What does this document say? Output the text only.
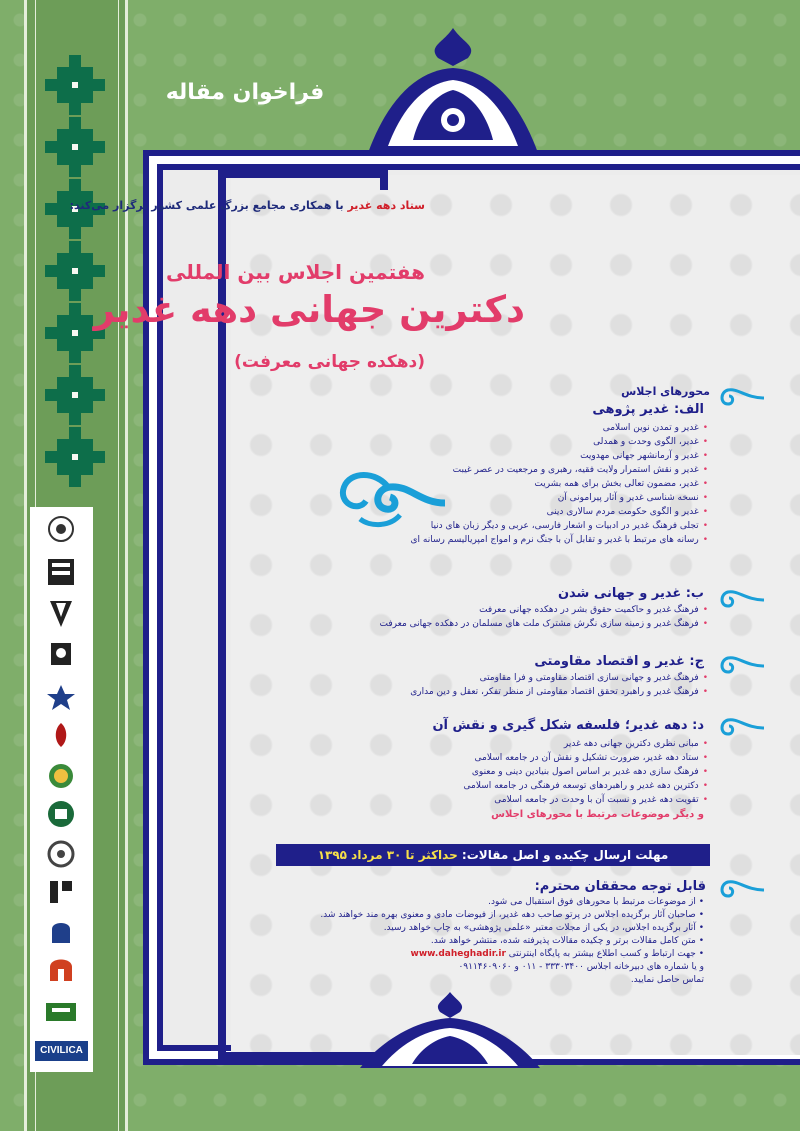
فراخوان مقاله
ستاد دهه غدیر با همکاری مجامع بزرگ علمی کشور برگزار می‌کند:
هفتمین اجلاس بین المللی
دکترین جهانی دهه غدیر
(دهکده جهانی معرفت)
محورهای اجلاس
الف: غدیر پژوهی
• غدیر و تمدن نوین اسلامی
• غدیر، الگوی وحدت و همدلی
• غدیر و آرمانشهر جهانی مهدویت
• غدیر و نقش استمرار ولایت فقیه، رهبری و مرجعیت در عصر غیبت
• غدیر، مضمون تعالی بخش برای همه بشریت
• نسخه شناسی غدیر و آثار پیرامونی آن
• غدیر و الگوی حکومت مردم سالاری دینی
• تجلی فرهنگ غدیر در ادبیات و اشعار فارسی، عربی و دیگر زبان های دنیا
• رسانه های مرتبط با غدیر و تقابل آن با جنگ نرم و امواج امپریالیسم رسانه ای
ب: غدیر و جهانی شدن
• فرهنگ غدیر و حاکمیت حقوق بشر در دهکده جهانی معرفت
• فرهنگ غدیر و زمینه سازی نگرش مشترک ملت های مسلمان در دهکده جهانی معرفت
ج: غدیر و اقتصاد مقاومتی
• فرهنگ غدیر و جهانی سازی اقتصاد مقاومتی و فرا مقاومتی
• فرهنگ غدیر و راهبرد تحقق اقتصاد مقاومتی از منظر تفکر، تعقل و دین مداری
د: دهه غدیر؛ فلسفه شکل گیری و نقش آن
• مبانی نظری دکترین جهانی دهه غدیر
• ستاد دهه غدیر، ضرورت تشکیل و نقش آن در جامعه اسلامی
• فرهنگ سازی دهه غدیر بر اساس اصول بنیادین دینی و معنوی
• دکترین دهه غدیر و راهبردهای توسعه فرهنگی در جامعه اسلامی
• تقویت دهه غدیر و نسبت آن با وحدت در جامعه اسلامی
و دیگر موضوعات مرتبط با محورهای اجلاس
مهلت ارسال چکیده و اصل مقالات: حداکثر تا ۳۰ مرداد ۱۳۹۵
قابل توجه محققان محترم:
• از موضوعات مرتبط با محورهای فوق استقبال می شود.
• صاحبان آثار برگزیده اجلاس در پرتو صاحب دهه غدیر، از فیوضات مادی و معنوی بهره مند خواهند شد.
• آثار برگزیده اجلاس، در یکی از مجلات معتبر «علمی پژوهشی» به چاپ خواهد رسید.
• متن کامل مقالات برتر و چکیده مقالات پذیرفته شده، منتشر خواهد شد.
• جهت ارتباط و کسب اطلاع بیشتر به پایگاه اینترنتی www.daheghadir.ir
و یا شماره های دبیرخانه اجلاس ۳۳۳۰۳۴۰۰ - ۰۱۱ و ۰۹۱۱۴۶۰۹۰۶۰
تماس حاصل نمایید.
CIVILICA
